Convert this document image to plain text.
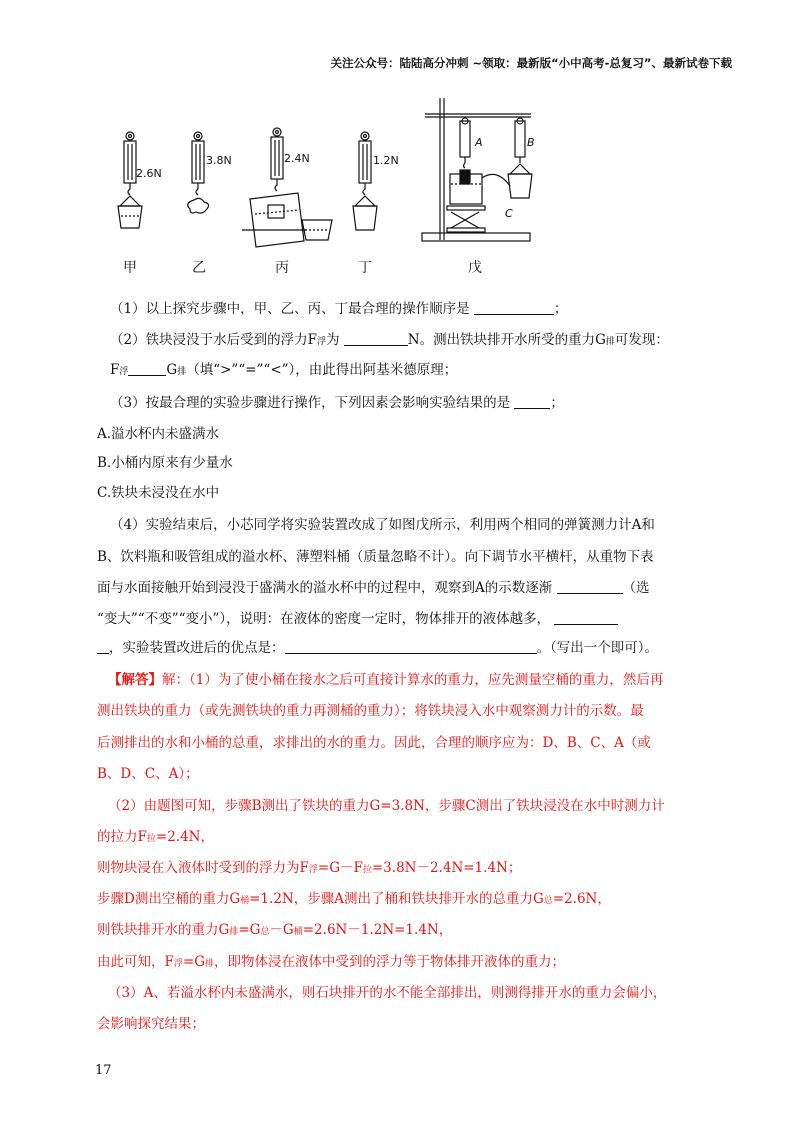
关注公众号：陆陆高分冲刺 ~领取：最新版“小中高考-总复习”、最新试卷下载
2.6N
3.8N	2.4N	1.2N
A	B
C
甲	乙	丙	丁	戊
（1）以上探究步骤中，甲、乙、丙、丁最合理的操作顺序是	；
（2）铁块浸没于水后受到的浮力F浮为	N。测出铁块排开水所受的重力G排可发现：
F浮	G排（填“>”“=”“<”），由此得出阿基米德原理；
（3）按最合理的实验步骤进行操作，下列因素会影响实验结果的是	；
A.溢水杯内未盛满水
B.小桶内原来有少量水
C.铁块未浸没在水中
（4）实验结束后，小芯同学将实验装置改成了如图戊所示，利用两个相同的弹簧测力计A和
B、饮料瓶和吸管组成的溢水杯、薄塑料桶（质量忽略不计）。向下调节水平横杆，从重物下表
面与水面接触开始到浸没于盛满水的溢水杯中的过程中，观察到A的示数逐渐	（选
“变大”“不变”“变小”），说明：在液体的密度一定时，物体排开的液体越多，
，实验装置改进后的优点是：	。（写出一个即可）。
【解答】解：（1）为了使小桶在接水之后可直接计算水的重力，应先测量空桶的重力，然后再
测出铁块的重力（或先测铁块的重力再测桶的重力）；将铁块浸入水中观察测力计的示数。最
后测排出的水和小桶的总重，求排出的水的重力。因此，合理的顺序应为：D、B、C、A（或
B、D、C、A）；
（2）由题图可知，步骤B测出了铁块的重力G=3.8N，步骤C测出了铁块浸没在水中时测力计
的拉力F拉=2.4N，
则物块浸在入液体时受到的浮力为F浮=G－F拉=3.8N－2.4N=1.4N；
步骤D测出空桶的重力G桶=1.2N，步骤A测出了桶和铁块排开水的总重力G总=2.6N，
则铁块排开水的重力G排=G总－G桶=2.6N－1.2N=1.4N，
由此可知，F浮=G排，即物体浸在液体中受到的浮力等于物体排开液体的重力；
（3）A、若溢水杯内未盛满水，则石块排开的水不能全部排出，则测得排开水的重力会偏小，
会影响探究结果；
17
